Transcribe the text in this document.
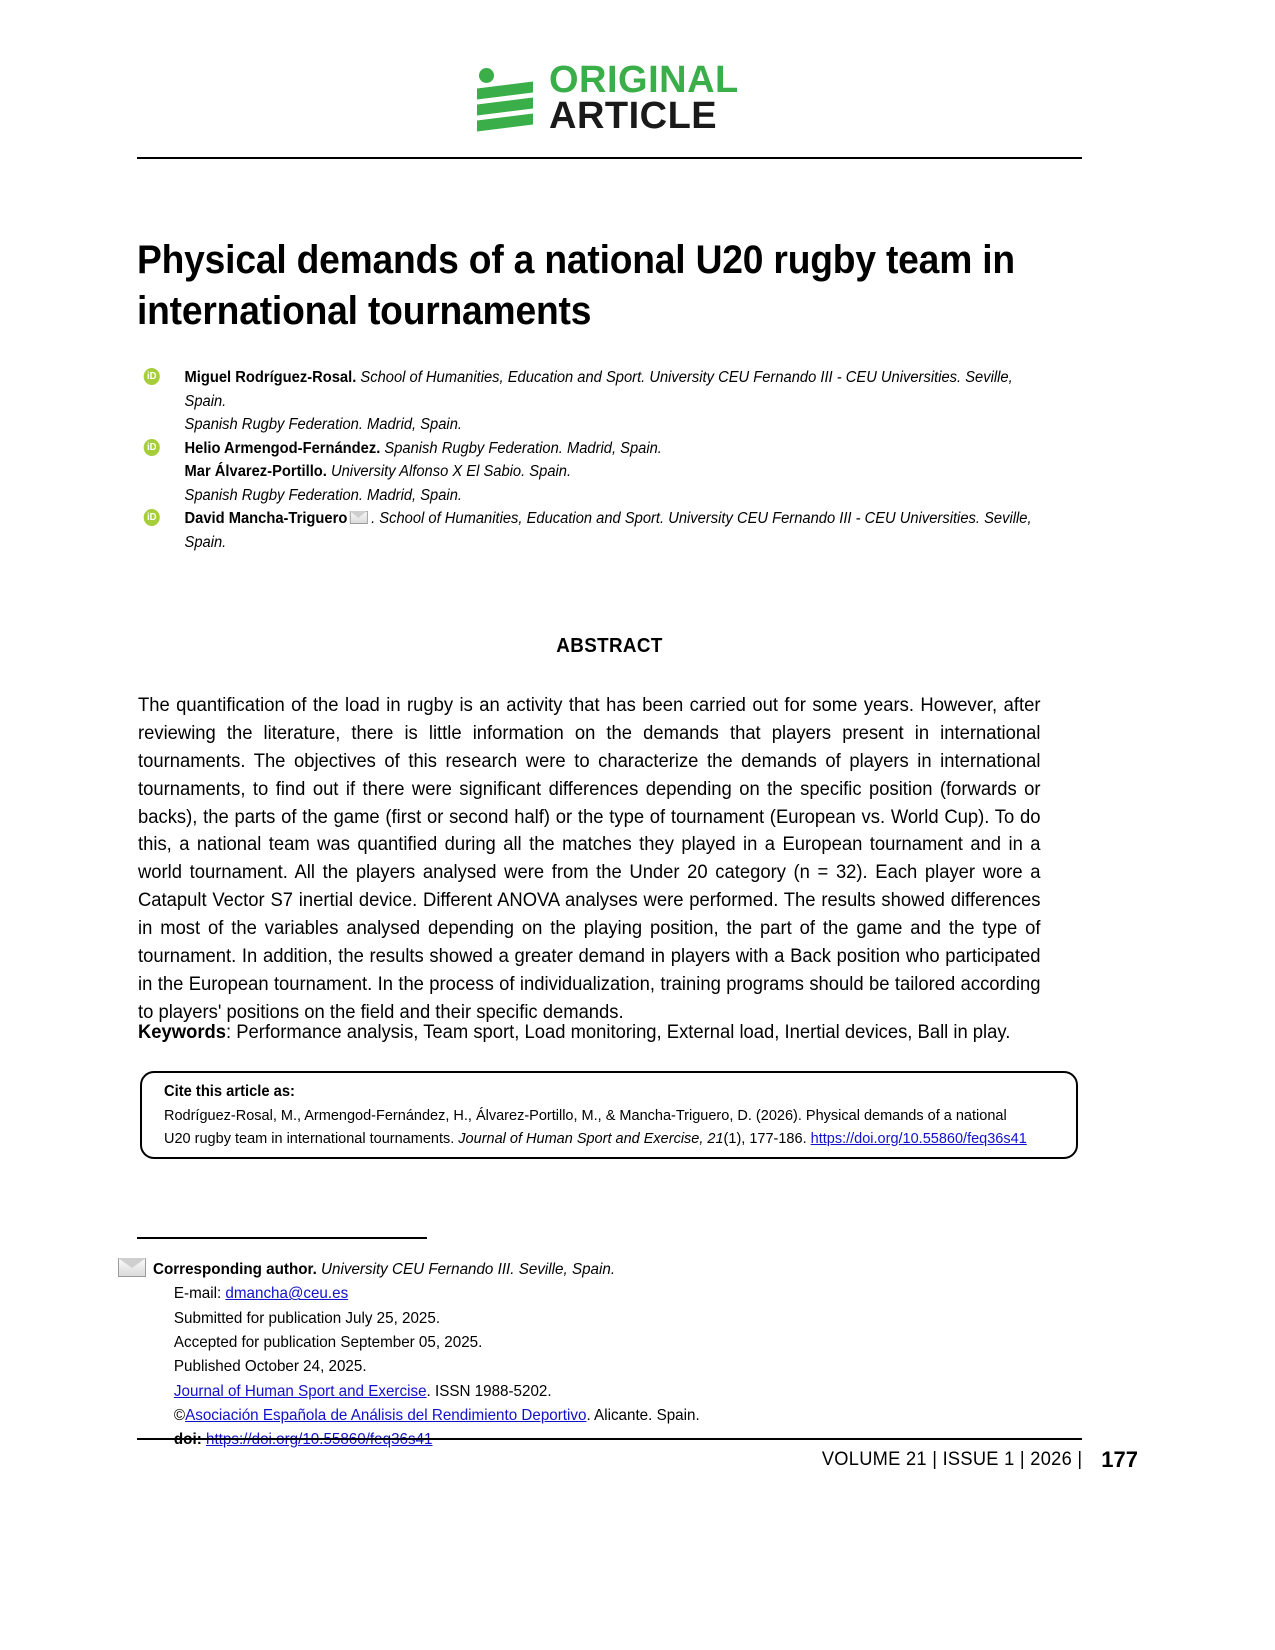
ORIGINAL
ARTICLE
Physical demands of a national U20 rugby team in international tournaments
iD Miguel Rodríguez-Rosal. School of Humanities, Education and Sport. University CEU Fernando III - CEU Universities. Seville, Spain.
Spanish Rugby Federation. Madrid, Spain.
iD Helio Armengod-Fernández. Spanish Rugby Federation. Madrid, Spain.
Mar Álvarez-Portillo. University Alfonso X El Sabio. Spain.
Spanish Rugby Federation. Madrid, Spain.
iD David Mancha-Triguero . School of Humanities, Education and Sport. University CEU Fernando III - CEU Universities. Seville, Spain.
ABSTRACT
The quantification of the load in rugby is an activity that has been carried out for some years. However, after reviewing the literature, there is little information on the demands that players present in international tournaments. The objectives of this research were to characterize the demands of players in international tournaments, to find out if there were significant differences depending on the specific position (forwards or backs), the parts of the game (first or second half) or the type of tournament (European vs. World Cup). To do this, a national team was quantified during all the matches they played in a European tournament and in a world tournament. All the players analysed were from the Under 20 category (n = 32). Each player wore a Catapult Vector S7 inertial device. Different ANOVA analyses were performed. The results showed differences in most of the variables analysed depending on the playing position, the part of the game and the type of tournament. In addition, the results showed a greater demand in players with a Back position who participated in the European tournament. In the process of individualization, training programs should be tailored according to players' positions on the field and their specific demands.
Keywords: Performance analysis, Team sport, Load monitoring, External load, Inertial devices, Ball in play.
Cite this article as:
Rodríguez-Rosal, M., Armengod-Fernández, H., Álvarez-Portillo, M., & Mancha-Triguero, D. (2026). Physical demands of a national U20 rugby team in international tournaments. Journal of Human Sport and Exercise, 21(1), 177-186. https://doi.org/10.55860/feq36s41
Corresponding author. University CEU Fernando III. Seville, Spain.
E-mail: dmancha@ceu.es
Submitted for publication July 25, 2025.
Accepted for publication September 05, 2025.
Published October 24, 2025.
Journal of Human Sport and Exercise. ISSN 1988-5202.
©Asociación Española de Análisis del Rendimiento Deportivo. Alicante. Spain.
doi: https://doi.org/10.55860/feq36s41
VOLUME 21 | ISSUE 1 | 2026 | 177
